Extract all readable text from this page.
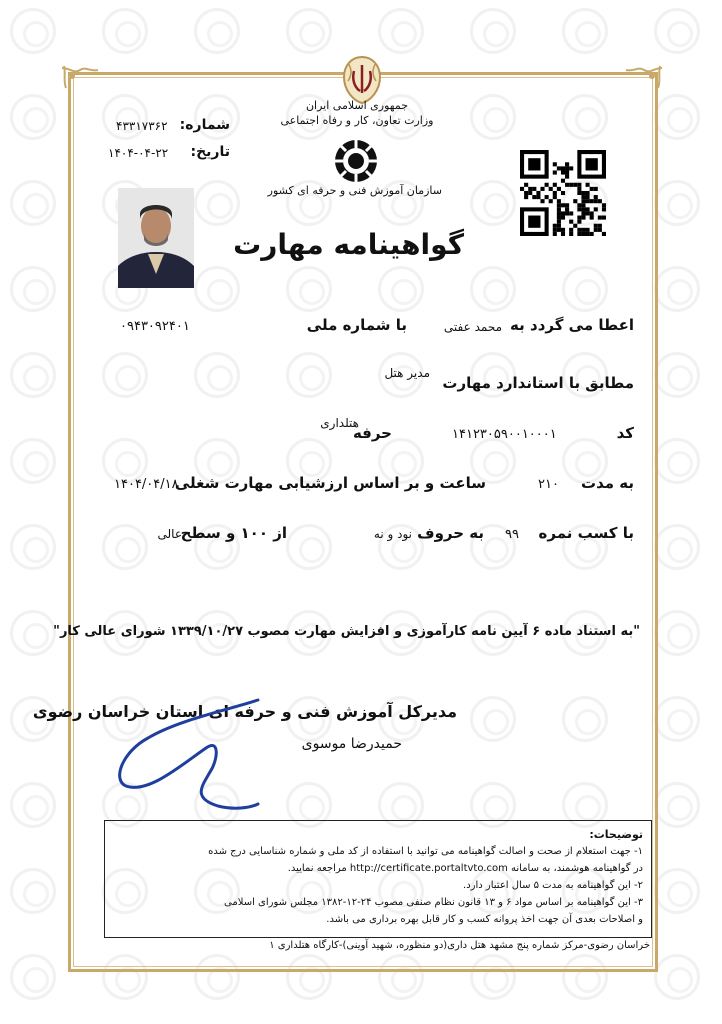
جمهوری اسلامی ایران
وزارت تعاون، کار و رفاه اجتماعی
سازمان آموزش فنی و حرفه ای کشور
شماره:
۴۳۳۱۷۳۶۲
تاریخ:
۱۴۰۴-۰۴-۲۲
گواهینامه مهارت
اعطا می گردد به
محمد عفتی
با شماره ملی
۰۹۴۳۰۹۲۴۰۱
مدیر هتل
مطابق با استاندارد مهارت
هتلداری
کد
۱۴۱۲۳۰۵۹۰۰۱۰۰۰۱
حرفه
به مدت
۲۱۰
ساعت و بر اساس ارزشیابی مهارت شغلی
۱۴۰۴/۰۴/۱۸
با کسب نمره
۹۹
به حروف
نود و نه
از ۱۰۰ و سطح
عالی
"به استناد ماده ۶ آیین نامه کارآموزی و افزایش مهارت مصوب ۱۳۳۹/۱۰/۲۷ شورای عالی کار"
مدیرکل آموزش فنی و حرفه ای استان خراسان رضوی
حمیدرضا موسوی
توضیحات:
۱- جهت استعلام از صحت و اصالت گواهینامه می توانید با استفاده از کد ملی و شماره شناسایی درج شده
در گواهینامه هوشمند، به سامانه http://certificate.portaltvto.com مراجعه نمایید.
۲- این گواهینامه به مدت ۵ سال اعتبار دارد.
۳- این گواهینامه بر اساس مواد ۶ و ۱۳ قانون نظام صنفی مصوب ۲۴-۱۲-۱۳۸۲ مجلس شورای اسلامی
و اصلاحات بعدی آن جهت اخذ پروانه کسب و کار قابل بهره برداری می باشد.
خراسان رضوی-مرکز شماره پنج مشهد هتل داری(دو منظوره، شهید آوینی)-کارگاه هتلداری ۱
